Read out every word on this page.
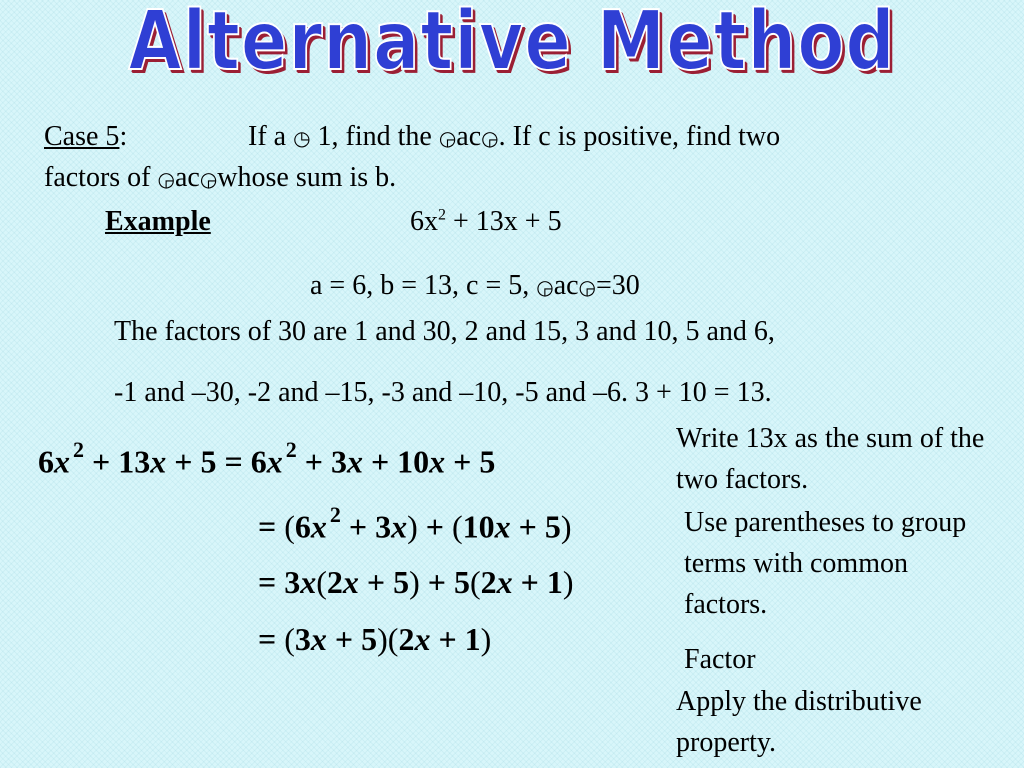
Alternative Method
Case 5:	If a ◷ 1, find the ◶ac◶. If c is positive, find two
factors of ◶ac◶whose sum is b.
Example	$6x^2 + 13x + 5$
a = 6, b = 13, c = 5, ◶ac◶=30
The factors of 30 are 1 and 30, 2 and 15, 3 and 10, 5 and 6,
-1 and –30, -2 and –15, -3 and –10, -5 and –6. 3 + 10 = 13.
6x $^2$ + 13x + 5 = 6x $^2$ + 3x + 10x + 5
= (6x $^2$ + 3x) + (10x + 5)
= 3x(2x + 5) + 5(2x + 1)
= (3x + 5)(2x + 1)
Write 13x as the sum of the two factors.
Use parentheses to group terms with common factors.
Factor
Apply the distributive property.
